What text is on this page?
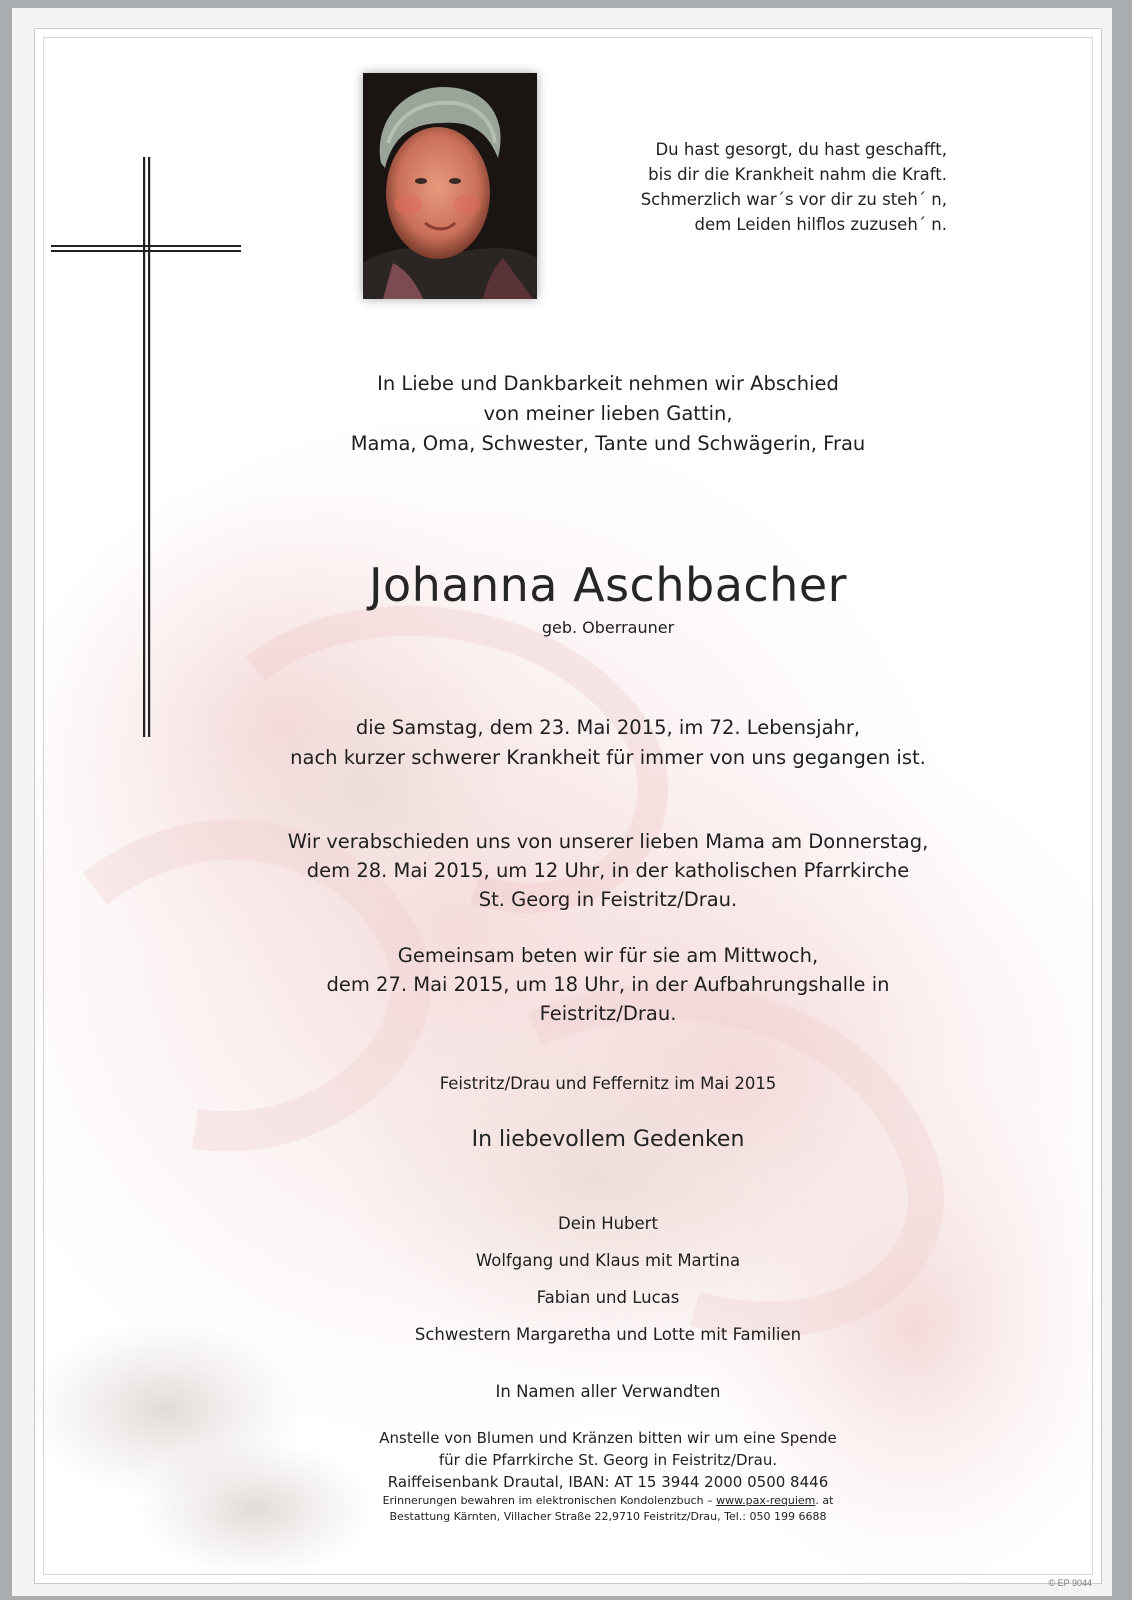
Du hast gesorgt, du hast geschafft,
bis dir die Krankheit nahm die Kraft.
Schmerzlich war´s vor dir zu steh´ n,
dem Leiden hilflos zuzuseh´ n.

In Liebe und Dankbarkeit nehmen wir Abschied

von meiner lieben Gattin,

Mama, Oma, Schwester, Tante und Schwägerin, Frau

Johanna Aschbacher
geb. Oberrauner

die Samstag, dem 23. Mai 2015, im 72. Lebensjahr,

nach kurzer schwerer Krankheit für immer von uns gegangen ist.

Wir verabschieden uns von unserer lieben Mama am Donnerstag,

dem 28. Mai 2015, um 12 Uhr, in der katholischen Pfarrkirche

St. Georg in Feistritz/Drau.

Gemeinsam beten wir für sie am Mittwoch,

dem 27. Mai 2015, um 18 Uhr, in der Aufbahrungshalle in

Feistritz/Drau.

Feistritz/Drau und Feffernitz im Mai 2015
In liebevollem Gedenken

Dein Hubert

Wolfgang und Klaus mit Martina

Fabian und Lucas

Schwestern Margaretha und Lotte mit Familien

In Namen aller Verwandten

Anstelle von Blumen und Kränzen bitten wir um eine Spende

für die Pfarrkirche St. Georg in Feistritz/Drau.

Raiffeisenbank Drautal, IBAN: AT 15 3944 2000 0500 8446

Erinnerungen bewahren im elektronischen Kondolenzbuch – www.pax-requiem. at

Bestattung Kärnten, Villacher Straße 22,9710 Feistritz/Drau, Tel.: 050 199 6688

© EP 9044
